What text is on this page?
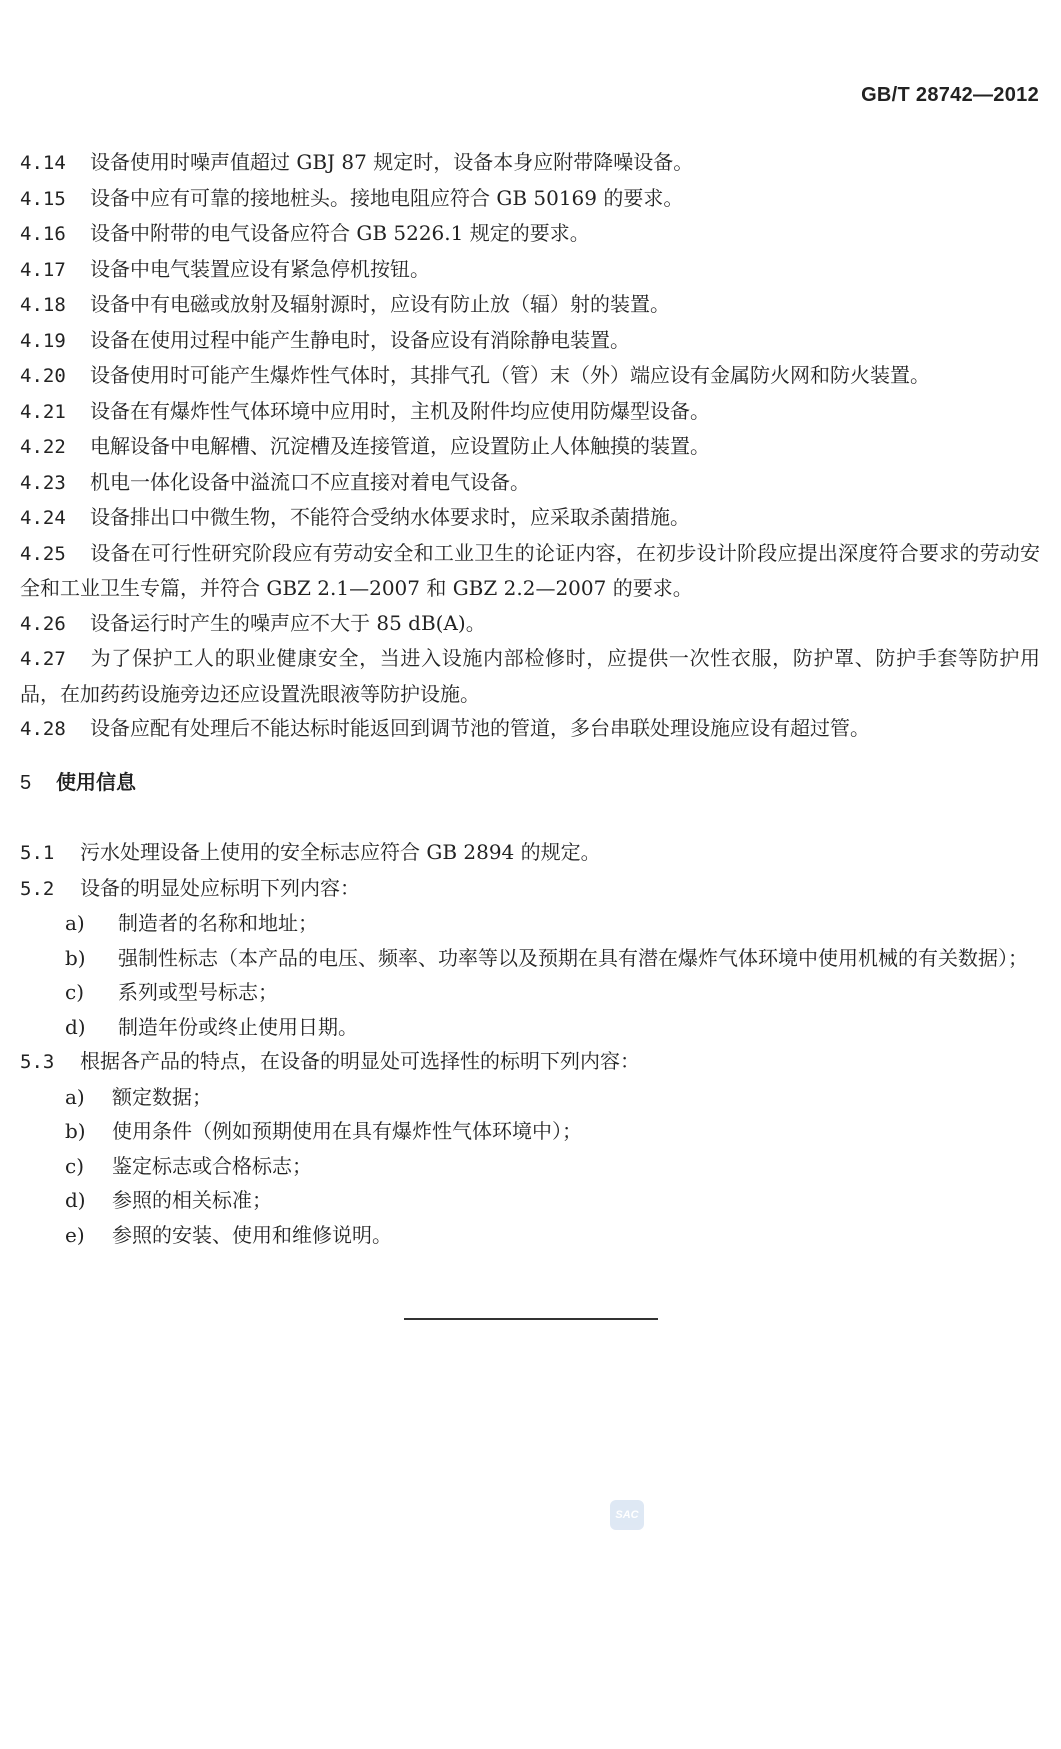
GB/T 28742—2012
4.14 设备使用时噪声值超过 GBJ 87 规定时，设备本身应附带降噪设备。
4.15 设备中应有可靠的接地桩头。接地电阻应符合 GB 50169 的要求。
4.16 设备中附带的电气设备应符合 GB 5226.1 规定的要求。
4.17 设备中电气装置应设有紧急停机按钮。
4.18 设备中有电磁或放射及辐射源时，应设有防止放（辐）射的装置。
4.19 设备在使用过程中能产生静电时，设备应设有消除静电装置。
4.20 设备使用时可能产生爆炸性气体时，其排气孔（管）末（外）端应设有金属防火网和防火装置。
4.21 设备在有爆炸性气体环境中应用时，主机及附件均应使用防爆型设备。
4.22 电解设备中电解槽、沉淀槽及连接管道，应设置防止人体触摸的装置。
4.23 机电一体化设备中溢流口不应直接对着电气设备。
4.24 设备排出口中微生物，不能符合受纳水体要求时，应采取杀菌措施。
4.25 设备在可行性研究阶段应有劳动安全和工业卫生的论证内容，在初步设计阶段应提出深度符合要求的劳动安全和工业卫生专篇，并符合 GBZ 2.1—2007 和 GBZ 2.2—2007 的要求。
4.26 设备运行时产生的噪声应不大于 85 dB(A)。
4.27 为了保护工人的职业健康安全，当进入设施内部检修时，应提供一次性衣服，防护罩、防护手套等防护用品，在加药药设施旁边还应设置洗眼液等防护设施。
4.28 设备应配有处理后不能达标时能返回到调节池的管道，多台串联处理设施应设有超过管。
5 使用信息
5.1 污水处理设备上使用的安全标志应符合 GB 2894 的规定。
5.2 设备的明显处应标明下列内容：
a)	制造者的名称和地址；
b)	强制性标志（本产品的电压、频率、功率等以及预期在具有潜在爆炸气体环境中使用机械的有关数据）；
c)	系列或型号标志；
d)	制造年份或终止使用日期。
5.3 根据各产品的特点，在设备的明显处可选择性的标明下列内容：
a)	额定数据；
b)	使用条件（例如预期使用在具有爆炸性气体环境中）；
c)	鉴定标志或合格标志；
d)	参照的相关标准；
e)	参照的安装、使用和维修说明。
SAC
